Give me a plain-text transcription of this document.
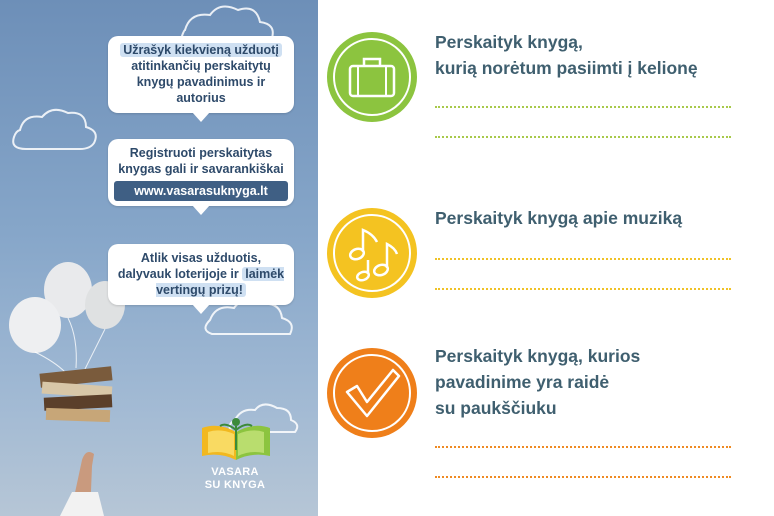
Užrašyk kiekvieną užduotį atitinkančių perskaitytų knygų pavadinimus ir autorius
Registruoti perskaitytas knygas gali ir savarankiškai
www.vasarasuknyga.lt
Atlik visas užduotis, dalyvauk loterijoje ir laimėk vertingų prizų!
VASARA
SU KNYGA
Perskaityk knygą,
kurią norėtum pasiimti į kelionę
Perskaityk knygą apie muziką
Perskaityk knygą, kurios
pavadinime yra raidė
su paukščiuku
